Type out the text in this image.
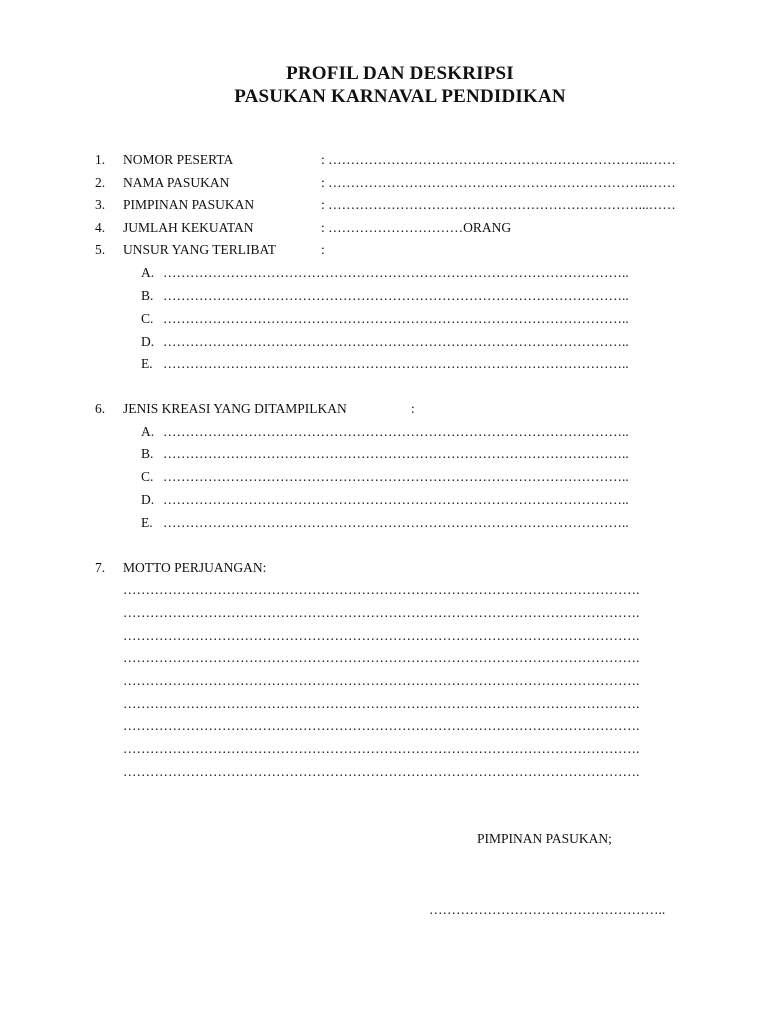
PROFIL DAN DESKRIPSI
PASUKAN KARNAVAL PENDIDIKAN
1. NOMOR PESERTA	: ……………………………………………………………...……
2. NAMA PASUKAN	: ……………………………………………………………...……
3. PIMPINAN PASUKAN	: ……………………………………………………………...……
4. JUMLAH KEKUATAN	: …………………………ORANG
5. UNSUR YANG TERLIBAT	:
A. …………………………………………………………………………………………..
B. …………………………………………………………………………………………..
C. …………………………………………………………………………………………..
D. …………………………………………………………………………………………..
E. …………………………………………………………………………………………..
6. JENIS KREASI YANG DITAMPILKAN	:
A. …………………………………………………………………………………………..
B. …………………………………………………………………………………………..
C. …………………………………………………………………………………………..
D. …………………………………………………………………………………………..
E. …………………………………………………………………………………………..
7. MOTTO PERJUANGAN:
…………………………………………………………………………………………………….
…………………………………………………………………………………………………….
…………………………………………………………………………………………………….
…………………………………………………………………………………………………….
…………………………………………………………………………………………………….
…………………………………………………………………………………………………….
…………………………………………………………………………………………………….
…………………………………………………………………………………………………….
…………………………………………………………………………………………………….
PIMPINAN PASUKAN;
……………………………………………..
